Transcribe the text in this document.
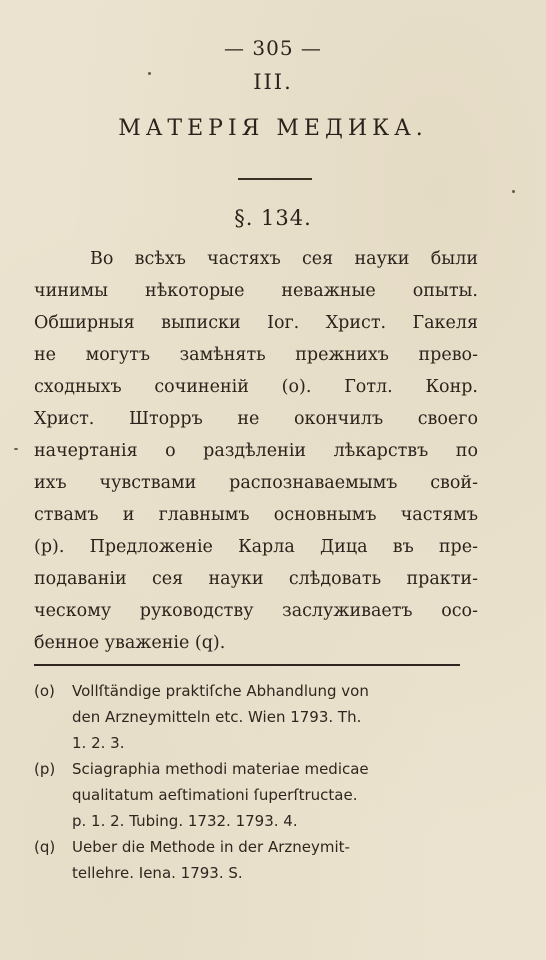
— 305 —

III.

МАТЕРІЯ МЕДИКА.

§. 134.

Во всѣхъ частяхъ сея науки были
чинимы нѣкоторые неважные опыты.
Обширныя выписки Іог. Христ. Гакеля
не могутъ замѣнять прежнихъ прево-
сходныхъ сочиненій (o). Готл. Конр.
Христ. Шторръ не окончилъ своего
начертанія о раздѣленіи лѣкарствъ по
ихъ чувствами распознаваемымъ свой-
ствамъ и главнымъ основнымъ частямъ
(p). Предложеніе Карла Дица въ пре-
подаваніи сея науки слѣдовать практи-
ческому руководству заслуживаетъ осо-
бенное уваженіе (q).
(o) Vollſtändige praktiſche Abhandlung von
den Arzneymitteln etc. Wien 1793. Th.
1. 2. 3.
(p) Sciagraphia methodi materiae medicae
qualitatum aeſtimationi ſuperſtructae.
p. 1. 2. Tubing. 1732. 1793. 4.
(q) Ueber die Methode in der Arzneymit-
tellehre. Iena. 1793. S.
